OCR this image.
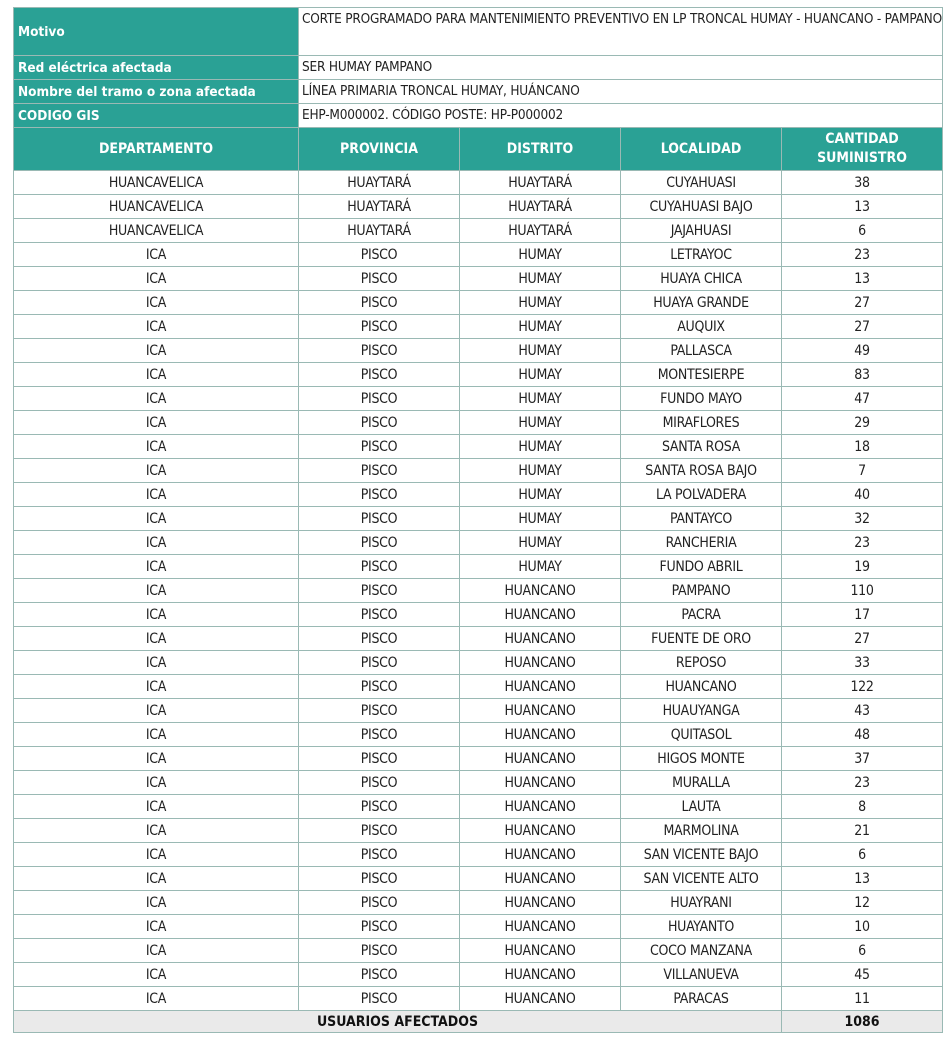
Motivo	CORTE PROGRAMADO PARA MANTENIMIENTO PREVENTIVO EN LP TRONCAL HUMAY - HUANCANO - PAMPANO			
Red eléctrica afectada	SER HUMAY PAMPANO			
Nombre del tramo o zona afectada	LÍNEA PRIMARIA TRONCAL HUMAY, HUÁNCANO			
CODIGO GIS	EHP-M000002. CÓDIGO POSTE: HP-P000002			
DEPARTAMENTO	PROVINCIA	DISTRITO	LOCALIDAD	CANTIDAD SUMINISTRO
HUANCAVELICA	HUAYTARÁ	HUAYTARÁ	CUYAHUASI	38
HUANCAVELICA	HUAYTARÁ	HUAYTARÁ	CUYAHUASI BAJO	13
HUANCAVELICA	HUAYTARÁ	HUAYTARÁ	JAJAHUASI	6
ICA	PISCO	HUMAY	LETRAYOC	23
ICA	PISCO	HUMAY	HUAYA CHICA	13
ICA	PISCO	HUMAY	HUAYA GRANDE	27
ICA	PISCO	HUMAY	AUQUIX	27
ICA	PISCO	HUMAY	PALLASCA	49
ICA	PISCO	HUMAY	MONTESIERPE	83
ICA	PISCO	HUMAY	FUNDO MAYO	47
ICA	PISCO	HUMAY	MIRAFLORES	29
ICA	PISCO	HUMAY	SANTA ROSA	18
ICA	PISCO	HUMAY	SANTA ROSA BAJO	7
ICA	PISCO	HUMAY	LA POLVADERA	40
ICA	PISCO	HUMAY	PANTAYCO	32
ICA	PISCO	HUMAY	RANCHERIA	23
ICA	PISCO	HUMAY	FUNDO ABRIL	19
ICA	PISCO	HUANCANO	PAMPANO	110
ICA	PISCO	HUANCANO	PACRA	17
ICA	PISCO	HUANCANO	FUENTE DE ORO	27
ICA	PISCO	HUANCANO	REPOSO	33
ICA	PISCO	HUANCANO	HUANCANO	122
ICA	PISCO	HUANCANO	HUAUYANGA	43
ICA	PISCO	HUANCANO	QUITASOL	48
ICA	PISCO	HUANCANO	HIGOS MONTE	37
ICA	PISCO	HUANCANO	MURALLA	23
ICA	PISCO	HUANCANO	LAUTA	8
ICA	PISCO	HUANCANO	MARMOLINA	21
ICA	PISCO	HUANCANO	SAN VICENTE BAJO	6
ICA	PISCO	HUANCANO	SAN VICENTE ALTO	13
ICA	PISCO	HUANCANO	HUAYRANI	12
ICA	PISCO	HUANCANO	HUAYANTO	10
ICA	PISCO	HUANCANO	COCO MANZANA	6
ICA	PISCO	HUANCANO	VILLANUEVA	45
ICA	PISCO	HUANCANO	PARACAS	11
USUARIOS AFECTADOS				1086
